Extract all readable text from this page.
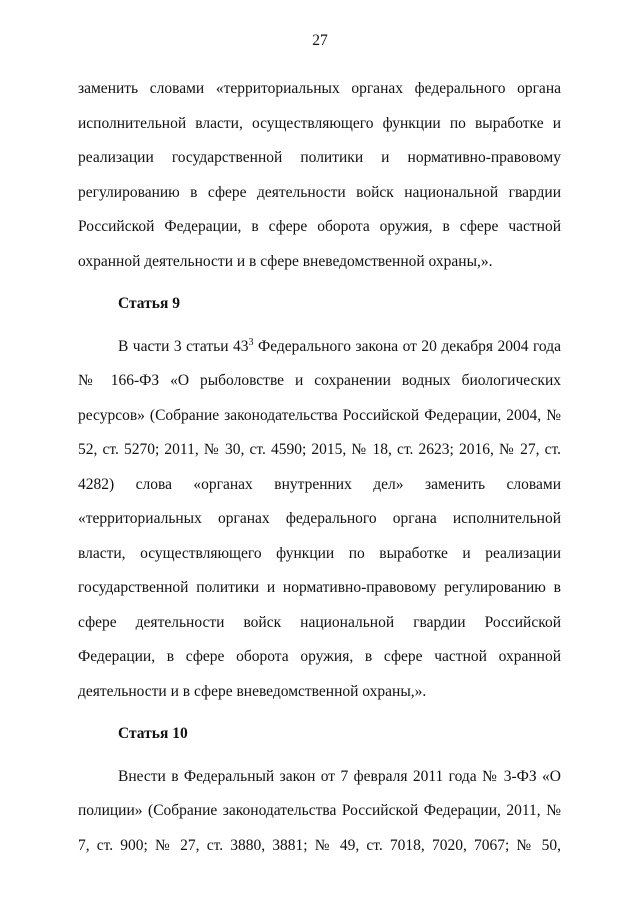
27

заменить словами «территориальных органах федерального органа исполнительной власти, осуществляющего функции по выработке и реализации государственной политики и нормативно-правовому регулированию в сфере деятельности войск национальной гвардии Российской Федерации, в сфере оборота оружия, в сфере частной охранной деятельности и в сфере вневедомственной охраны,».

Статья 9

В части 3 статьи $43^3$ Федерального закона от 20 декабря 2004 года № 166-ФЗ «О рыболовстве и сохранении водных биологических ресурсов» (Собрание законодательства Российской Федерации, 2004, № 52, ст. 5270; 2011, № 30, ст. 4590; 2015, № 18, ст. 2623; 2016, № 27, ст. 4282) слова «органах внутренних дел» заменить словами «территориальных органах федерального органа исполнительной власти, осуществляющего функции по выработке и реализации государственной политики и нормативно-правовому регулированию в сфере деятельности войск национальной гвардии Российской Федерации, в сфере оборота оружия, в сфере частной охранной деятельности и в сфере вневедомственной охраны,».

Статья 10

Внести в Федеральный закон от 7 февраля 2011 года № 3-ФЗ «О полиции» (Собрание законодательства Российской Федерации, 2011, № 7, ст. 900; № 27, ст. 3880, 3881; № 49, ст. 7018, 7020, 7067; № 50,
